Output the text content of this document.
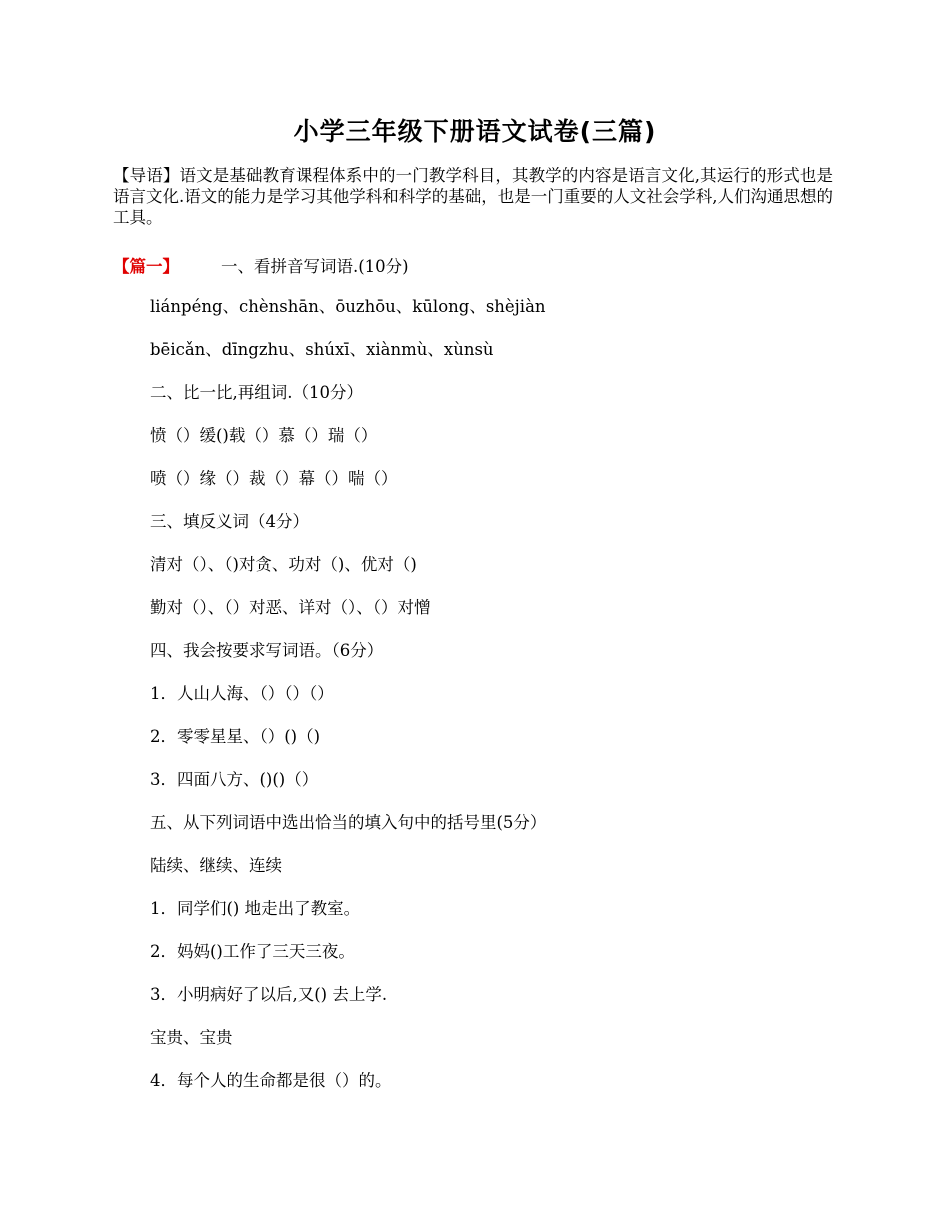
小学三年级下册语文试卷(三篇)
【导语】语文是基础教育课程体系中的一门教学科目，其教学的内容是语言文化,其运行的形式也是语言文化.语文的能力是学习其他学科和科学的基础，也是一门重要的人文社会学科,人们沟通思想的工具。
【篇一】	一、看拼音写词语.(10分)
liánpéng、chènshān、ōuzhōu、kūlong、shèjiàn
bēicǎn、dīngzhu、shúxī、xiànmù、xùnsù
二、比一比,再组词.（10分）
愤（）缓()载（）慕（）瑞（）
喷（）缘（）裁（）幕（）喘（）
三、填反义词（4分）
清对（）、（)对贪、功对（)、优对（)
勤对（）、（）对恶、详对（）、（）对憎
四、我会按要求写词语。（6分）
1．人山人海、（）（）（）
2．零零星星、（）()（)
3．四面八方、()()（）
五、从下列词语中选出恰当的填入句中的括号里(5分）
陆续、继续、连续
1．同学们() 地走出了教室。
2．妈妈()工作了三天三夜。
3．小明病好了以后,又() 去上学.
宝贵、宝贵
4．每个人的生命都是很（）的。
